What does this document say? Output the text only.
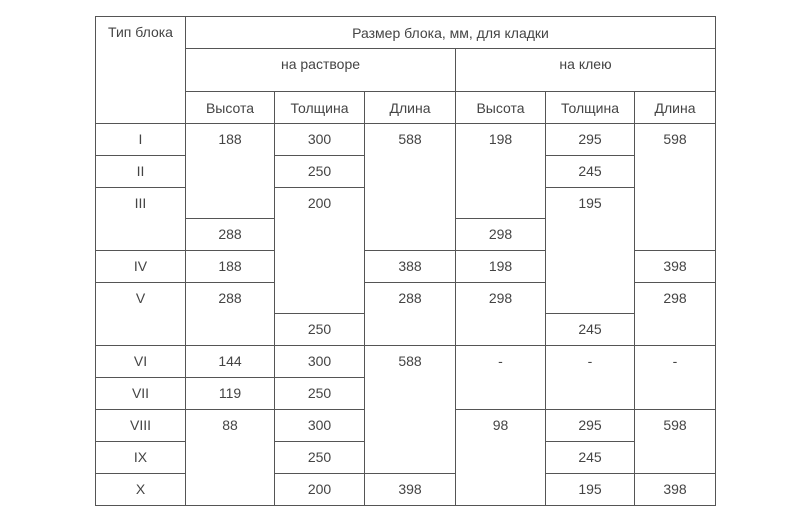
Тип блока	Размер блока, мм, для кладки					
	на растворе			на клею		
	Высота	Толщина	Длина	Высота	Толщина	Длина
I	188	300	588	198	295	598
II		250			245	
III		200			195	
	288			298		
IV	188		388	198		398
V	288		288	298		298
		250			245	
VI	144	300	588	-	-	-
VII	119	250				
VIII	88	300		98	295	598
IX		250			245	
X		200	398		195	398
